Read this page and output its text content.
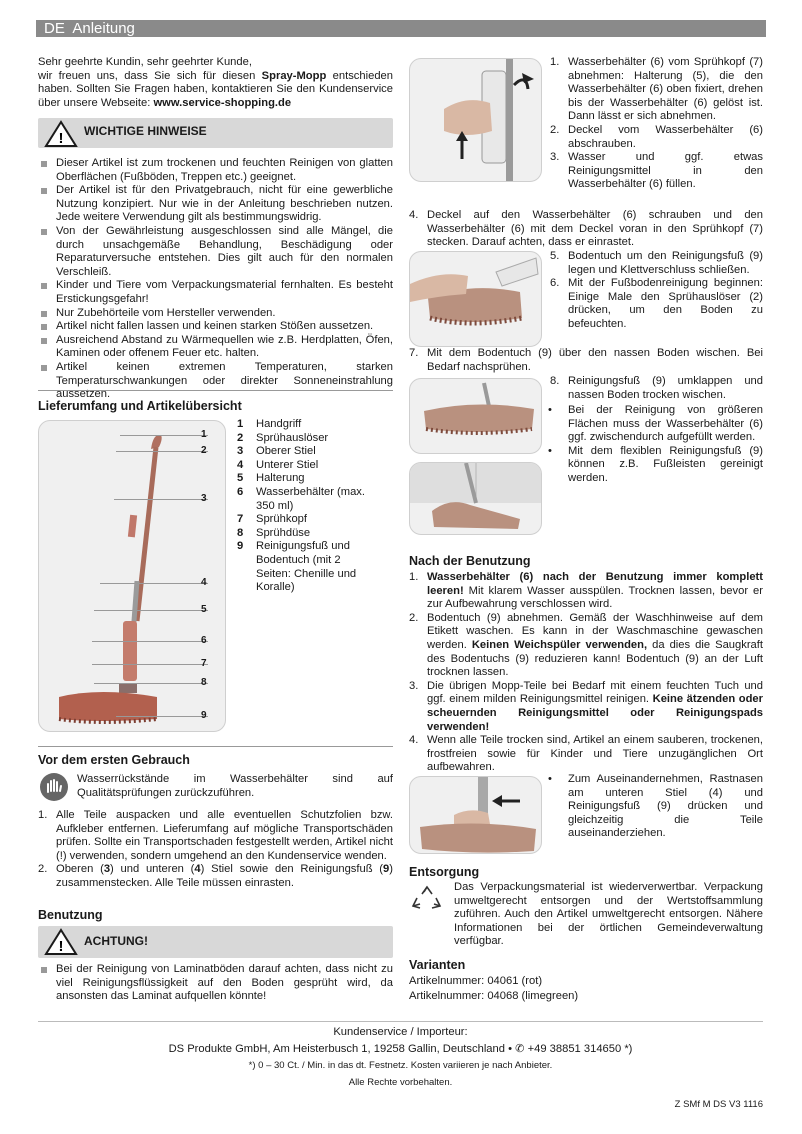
DE  Anleitung

Sehr geehrte Kundin, sehr geehrter Kunde,

wir freuen uns, dass Sie sich für diesen Spray-Mopp entschieden haben. Sollten Sie Fragen haben, kontaktieren Sie den Kundenservice über unsere Webseite: www.service-shopping.de

! WICHTIGE HINWEISE
Dieser Artikel ist zum trockenen und feuchten Reinigen von glatten Oberflächen (Fußböden, Treppen etc.) geeignet.
Der Artikel ist für den Privatgebrauch, nicht für eine gewerbliche Nutzung konzipiert. Nur wie in der Anleitung beschrieben nutzen. Jede weitere Verwendung gilt als bestimmungswidrig.
Von der Gewährleistung ausgeschlossen sind alle Mängel, die durch unsachgemäße Behandlung, Beschädigung oder Reparaturversuche entstehen. Dies gilt auch für den normalen Verschleiß.
Kinder und Tiere vom Verpackungsmaterial fernhalten. Es besteht Erstickungsgefahr!
Nur Zubehörteile vom Hersteller verwenden.
Artikel nicht fallen lassen und keinen starken Stößen aussetzen.
Ausreichend Abstand zu Wärmequellen wie z.B. Herdplatten, Öfen, Kaminen oder offenem Feuer etc. halten.
Artikel keinen extremen Temperaturen, starken Temperaturschwankungen oder direkter Sonneneinstrahlung aussetzen.
Lieferumfang und Artikelübersicht
1
2
3
4
5
6
7
8
9
1	Handgriff
2	Sprühauslöser
3	Oberer Stiel
4	Unterer Stiel
5	Halterung
6	Wasserbehälter (max. 350 ml)
7	Sprühkopf
8	Sprühdüse
9	Reinigungsfuß und Bodentuch (mit 2 Seiten: Chenille und Koralle)
Vor dem ersten Gebrauch

Wasserrückstände im Wasserbehälter sind auf Qualitätsprüfungen zurückzuführen.

1. Alle Teile auspacken und alle eventuellen Schutzfolien bzw. Aufkleber entfernen. Lieferumfang auf mögliche Transportschäden prüfen. Sollte ein Transportschaden festgestellt werden, Artikel nicht (!) verwenden, sondern umgehend an den Kundenservice wenden.
2. Oberen (3) und unteren (4) Stiel sowie den Reinigungsfuß (9) zusammenstecken. Alle Teile müssen einrasten.
Benutzung
! ACHTUNG!
Bei der Reinigung von Laminatböden darauf achten, dass nicht zu viel Reinigungsflüssigkeit auf den Boden gesprüht wird, da ansonsten das Laminat aufquellen könnte!
1. Wasserbehälter (6) vom Sprühkopf (7) abnehmen: Halterung (5), die den Wasserbehälter (6) oben fixiert, drehen bis der Wasserbehälter (6) gelöst ist. Dann lässt er sich abnehmen.
2. Deckel vom Wasserbehälter (6) abschrauben.
3. Wasser und ggf. etwas Reinigungsmittel in den Wasserbehälter (6) füllen.
4. Deckel auf den Wasserbehälter (6) schrauben und den Wasserbehälter (6) mit dem Deckel voran in den Sprühkopf (7) stecken. Darauf achten, dass er einrastet.
5. Bodentuch um den Reinigungsfuß (9) legen und Klettverschluss schließen.
6. Mit der Fußbodenreinigung beginnen: Einige Male den Sprühauslöser (2) drücken, um den Boden zu befeuchten.
7. Mit dem Bodentuch (9) über den nassen Boden wischen. Bei Bedarf nachsprühen.
8. Reinigungsfuß (9) umklappen und nassen Boden trocken wischen.
• Bei der Reinigung von größeren Flächen muss der Wasserbehälter (6) ggf. zwischendurch aufgefüllt werden.
• Mit dem flexiblen Reinigungsfuß (9) können z.B. Fußleisten gereinigt werden.
Nach der Benutzung
1. Wasserbehälter (6) nach der Benutzung immer komplett leeren! Mit klarem Wasser ausspülen. Trocknen lassen, bevor er zur Aufbewahrung verschlossen wird.
2. Bodentuch (9) abnehmen. Gemäß der Waschhinweise auf dem Etikett waschen. Es kann in der Waschmaschine gewaschen werden. Keinen Weichspüler verwenden, da dies die Saugkraft des Bodentuchs (9) reduzieren kann! Bodentuch (9) an der Luft trocknen lassen.
3. Die übrigen Mopp-Teile bei Bedarf mit einem feuchten Tuch und ggf. einem milden Reinigungsmittel reinigen. Keine ätzenden oder scheuernden Reinigungsmittel oder Reinigungspads verwenden!
4. Wenn alle Teile trocken sind, Artikel an einem sauberen, trockenen, frostfreien sowie für Kinder und Tiere unzugänglichen Ort aufbewahren.
• Zum Auseinandernehmen, Rastnasen am unteren Stiel (4) und Reinigungsfuß (9) drücken und gleichzeitig die Teile auseinanderziehen.
Entsorgung

Das Verpackungsmaterial ist wiederverwertbar. Verpackung umweltgerecht entsorgen und der Wertstoffsammlung zuführen. Auch den Artikel umweltgerecht entsorgen. Nähere Informationen bei der örtlichen Gemeindeverwaltung verfügbar.

Varianten

Artikelnummer: 04061 (rot)

Artikelnummer: 04068 (limegreen)

Kundenservice / Importeur:

DS Produkte GmbH, Am Heisterbusch 1, 19258 Gallin, Deutschland • ✆ +49 38851 314650 *)

*) 0 – 30 Ct. / Min. in das dt. Festnetz. Kosten variieren je nach Anbieter.

Alle Rechte vorbehalten.

Z SMf M DS V3 1116
